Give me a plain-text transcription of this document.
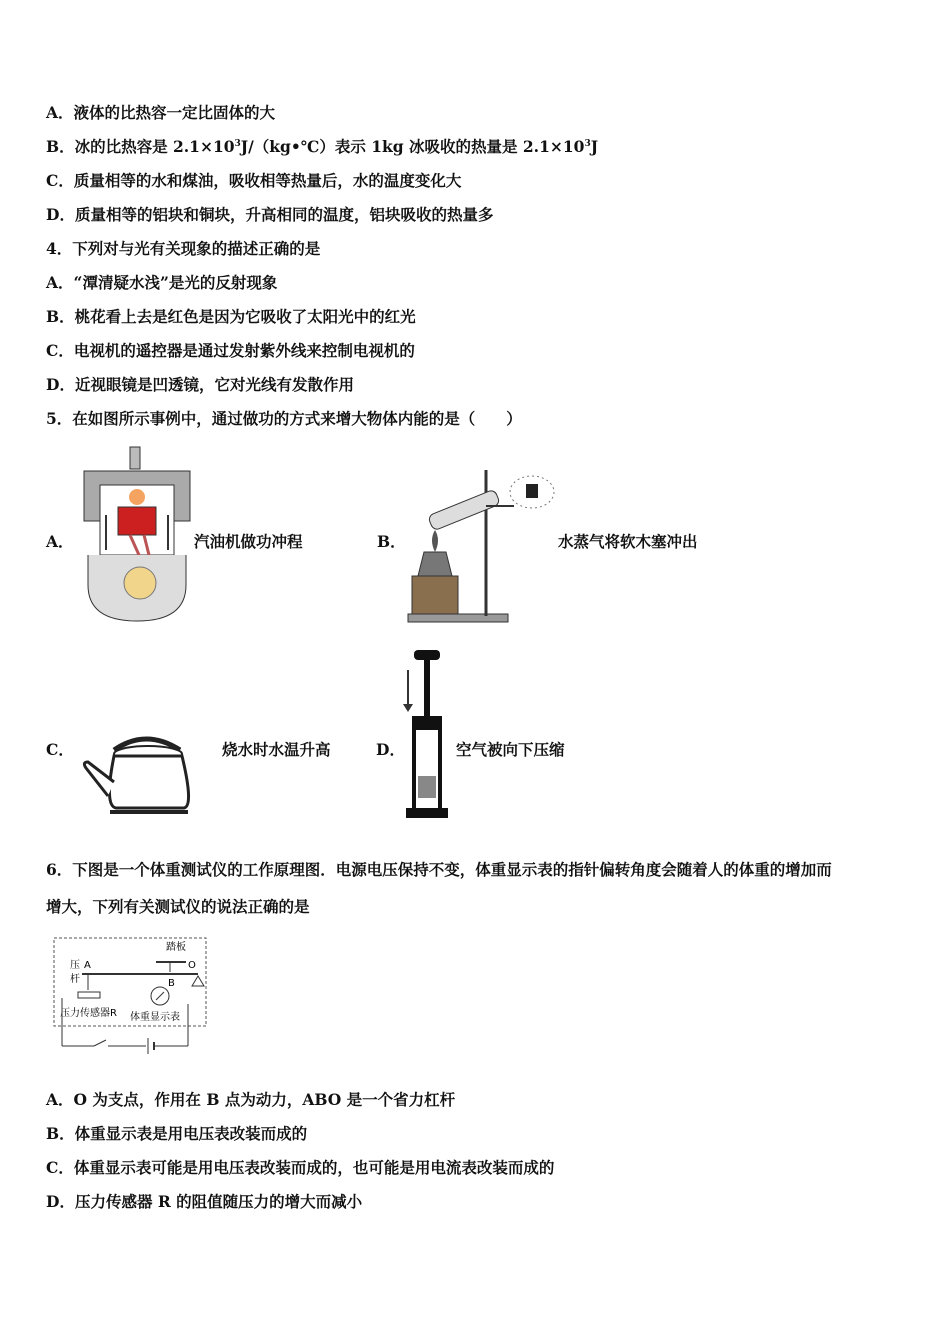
A．液体的比热容一定比固体的大
B．冰的比热容是 $2.1\times 10^3J/(kg•℃)$表示 1kg 冰吸收的热量是 $2.1\times 10^3J$
C．质量相等的水和煤油，吸收相等热量后，水的温度变化大
D．质量相等的铝块和铜块，升高相同的温度，铝块吸收的热量多
4．下列对与光有关现象的描述正确的是
A．“潭清疑水浅”是光的反射现象
B．桃花看上去是红色是因为它吸收了太阳光中的红光
C．电视机的遥控器是通过发射紫外线来控制电视机的
D．近视眼镜是凹透镜，它对光线有发散作用
5．在如图所示事例中，通过做功的方式来增大物体内能的是（　　）
A．	汽油机做功冲程	B．	水蒸气将软木塞冲出
C．	烧水时水温升高	D．	空气被向下压缩
6．下图是一个体重测试仪的工作原理图．电源电压保持不变，体重显示表的指针偏转角度会随着人的体重的增加而
增大，下列有关测试仪的说法正确的是
踏板
压
杆
A
B
O
压力传感器R 体重显示表
A．O 为支点，作用在 B 点为动力，ABO 是一个省力杠杆
B．体重显示表是用电压表改装而成的
C．体重显示表可能是用电压表改装而成的，也可能是用电流表改装而成的
D．压力传感器 R 的阻值随压力的增大而减小
